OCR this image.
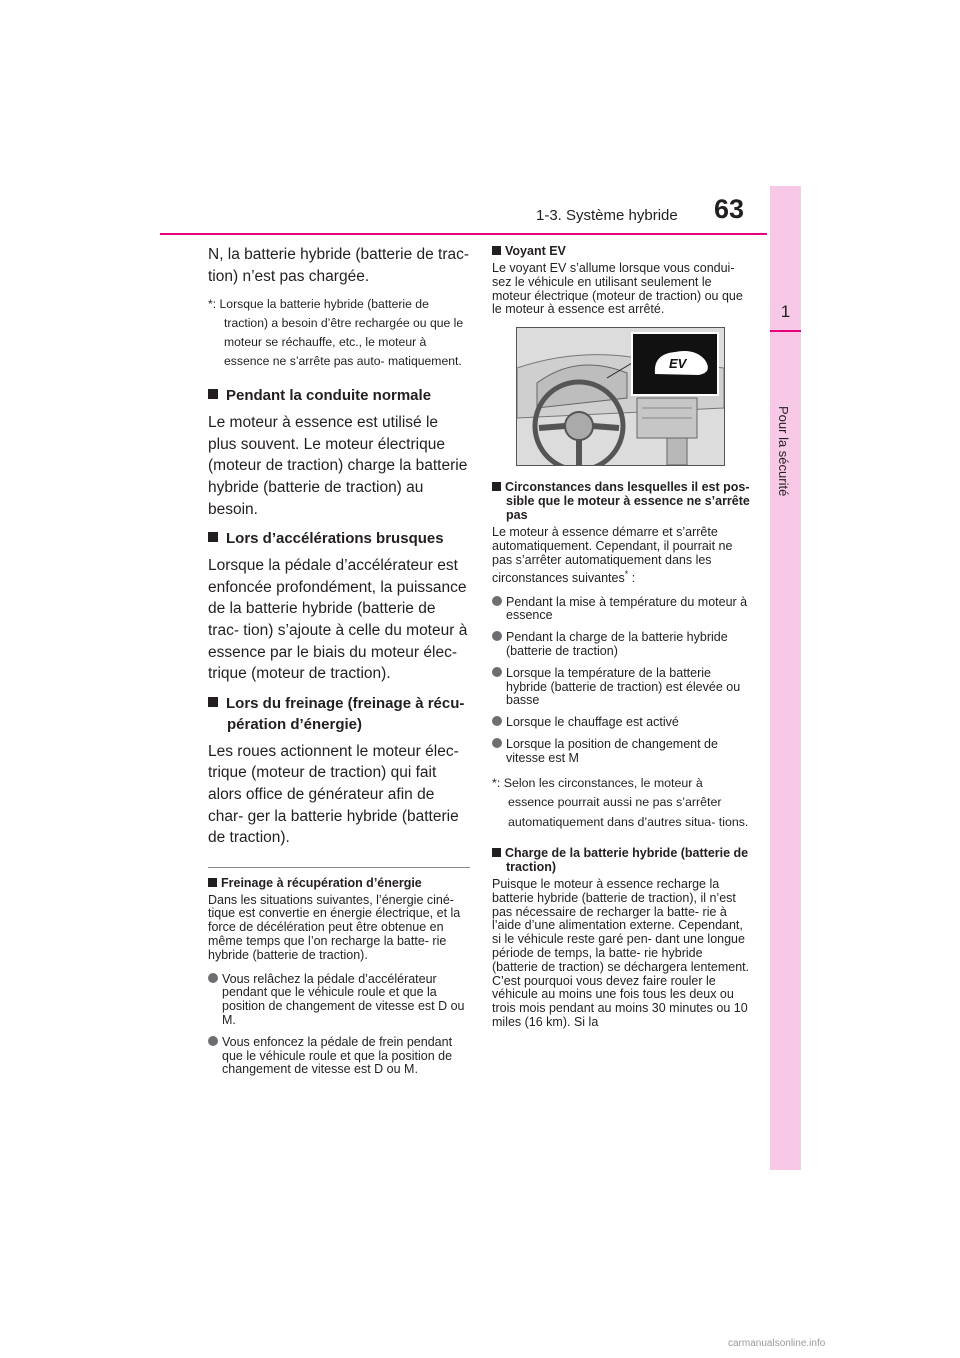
1-3. Système hybride 63
1
Pour la sécurité

N, la batterie hybride (batterie de trac- tion) n’est pas chargée.

*: Lorsque la batterie hybride (batterie de traction) a besoin d’être rechargée ou que le moteur se réchauffe, etc., le moteur à essence ne s’arrête pas auto- matiquement.

Pendant la conduite normale

Le moteur à essence est utilisé le plus souvent. Le moteur électrique (moteur de traction) charge la batterie hybride (batterie de traction) au besoin.

Lors d’accélérations brusques

Lorsque la pédale d’accélérateur est enfoncée profondément, la puissance de la batterie hybride (batterie de trac- tion) s’ajoute à celle du moteur à essence par le biais du moteur élec- trique (moteur de traction).

Lors du freinage (freinage à récu- pération d’énergie)

Les roues actionnent le moteur élec- trique (moteur de traction) qui fait alors office de générateur afin de char- ger la batterie hybride (batterie de traction).

Freinage à récupération d’énergie

Dans les situations suivantes, l’énergie ciné- tique est convertie en énergie électrique, et la force de décélération peut être obtenue en même temps que l’on recharge la batte- rie hybride (batterie de traction).

Vous relâchez la pédale d’accélérateur pendant que le véhicule roule et que la position de changement de vitesse est D ou M.
Vous enfoncez la pédale de frein pendant que le véhicule roule et que la position de changement de vitesse est D ou M.
Voyant EV

Le voyant EV s’allume lorsque vous condui- sez le véhicule en utilisant seulement le moteur électrique (moteur de traction) ou que le moteur à essence est arrêté.

EV
Circonstances dans lesquelles il est pos- sible que le moteur à essence ne s’arrête pas

Le moteur à essence démarre et s’arrête automatiquement. Cependant, il pourrait ne pas s’arrêter automatiquement dans les circonstances suivantes* :

Pendant la mise à température du moteur à essence
Pendant la charge de la batterie hybride (batterie de traction)
Lorsque la température de la batterie hybride (batterie de traction) est élevée ou basse
Lorsque le chauffage est activé
Lorsque la position de changement de vitesse est M

*: Selon les circonstances, le moteur à essence pourrait aussi ne pas s’arrêter automatiquement dans d’autres situa- tions.

Charge de la batterie hybride (batterie de traction)

Puisque le moteur à essence recharge la batterie hybride (batterie de traction), il n’est pas nécessaire de recharger la batte- rie à l’aide d’une alimentation externe. Cependant, si le véhicule reste garé pen- dant une longue période de temps, la batte- rie hybride (batterie de traction) se déchargera lentement. C’est pourquoi vous devez faire rouler le véhicule au moins une fois tous les deux ou trois mois pendant au moins 30 minutes ou 10 miles (16 km). Si la

carmanualsonline.info
